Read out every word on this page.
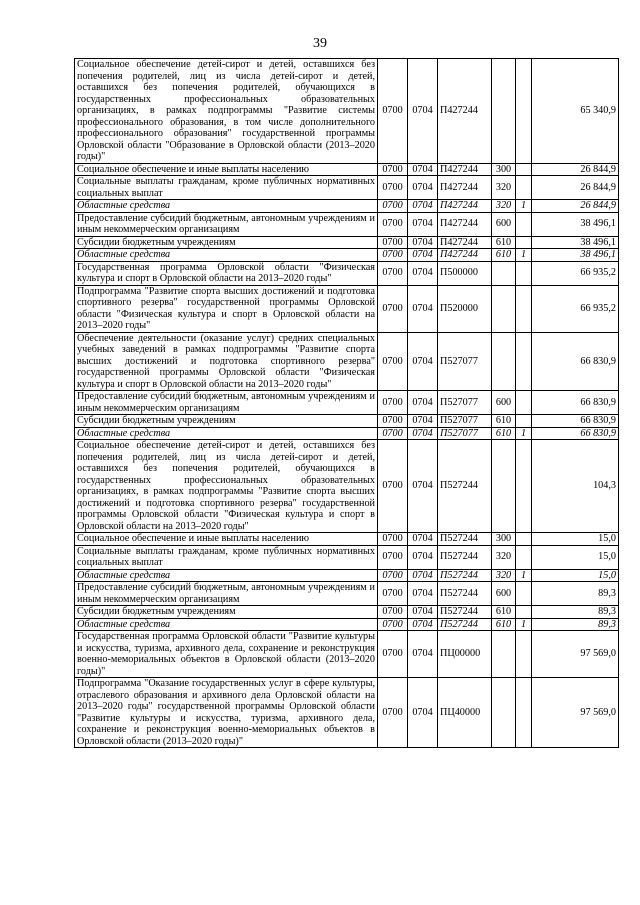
39
Социальное обеспечение детей-сирот и детей, оставшихся без попечения родителей, лиц из числа детей-сирот и детей, оставшихся без попечения родителей, обучающихся в государственных профессиональных образовательных организациях, в рамках подпрограммы "Развитие системы профессионального образования, в том числе дополнительного профессионального образования" государственной программы Орловской области "Образование в Орловской области (2013–2020 годы)"	0700	0704	П427244			65 340,9
Социальное обеспечение и иные выплаты населению	0700	0704	П427244	300		26 844,9
Социальные выплаты гражданам, кроме публичных нормативных социальных выплат	0700	0704	П427244	320		26 844,9
Областные средства	0700	0704	П427244	320	1	26 844,9
Предоставление субсидий бюджетным, автономным учреждениям и иным некоммерческим организациям	0700	0704	П427244	600		38 496,1
Субсидии бюджетным учреждениям	0700	0704	П427244	610		38 496,1
Областные средства	0700	0704	П427244	610	1	38 496,1
Государственная программа Орловской области "Физическая культура и спорт в Орловской области на 2013–2020 годы"	0700	0704	П500000			66 935,2
Подпрограмма "Развитие спорта высших достижений и подготовка спортивного резерва" государственной программы Орловской области "Физическая культура и спорт в Орловской области на 2013–2020 годы"	0700	0704	П520000			66 935,2
Обеспечение деятельности (оказание услуг) средних специальных учебных заведений в рамках подпрограммы "Развитие спорта высших достижений и подготовка спортивного резерва" государственной программы Орловской области "Физическая культура и спорт в Орловской области на 2013–2020 годы"	0700	0704	П527077			66 830,9
Предоставление субсидий бюджетным, автономным учреждениям и иным некоммерческим организациям	0700	0704	П527077	600		66 830,9
Субсидии бюджетным учреждениям	0700	0704	П527077	610		66 830,9
Областные средства	0700	0704	П527077	610	1	66 830,9
Социальное обеспечение детей-сирот и детей, оставшихся без попечения родителей, лиц из числа детей-сирот и детей, оставшихся без попечения родителей, обучающихся в государственных профессиональных образовательных организациях, в рамках подпрограммы "Развитие спорта высших достижений и подготовка спортивного резерва" государственной программы Орловской области "Физическая культура и спорт в Орловской области на 2013–2020 годы"	0700	0704	П527244			104,3
Социальное обеспечение и иные выплаты населению	0700	0704	П527244	300		15,0
Социальные выплаты гражданам, кроме публичных нормативных социальных выплат	0700	0704	П527244	320		15,0
Областные средства	0700	0704	П527244	320	1	15,0
Предоставление субсидий бюджетным, автономным учреждениям и иным некоммерческим организациям	0700	0704	П527244	600		89,3
Субсидии бюджетным учреждениям	0700	0704	П527244	610		89,3
Областные средства	0700	0704	П527244	610	1	89,3
Государственная программа Орловской области "Развитие культуры и искусства, туризма, архивного дела, сохранение и реконструкция военно-мемориальных объектов в Орловской области (2013–2020 годы)"	0700	0704	ПЦ00000			97 569,0
Подпрограмма "Оказание государственных услуг в сфере культуры, отраслевого образования и архивного дела Орловской области на 2013–2020 годы" государственной программы Орловской области "Развитие культуры и искусства, туризма, архивного дела, сохранение и реконструкция военно-мемориальных объектов в Орловской области (2013–2020 годы)"	0700	0704	ПЦ40000			97 569,0
